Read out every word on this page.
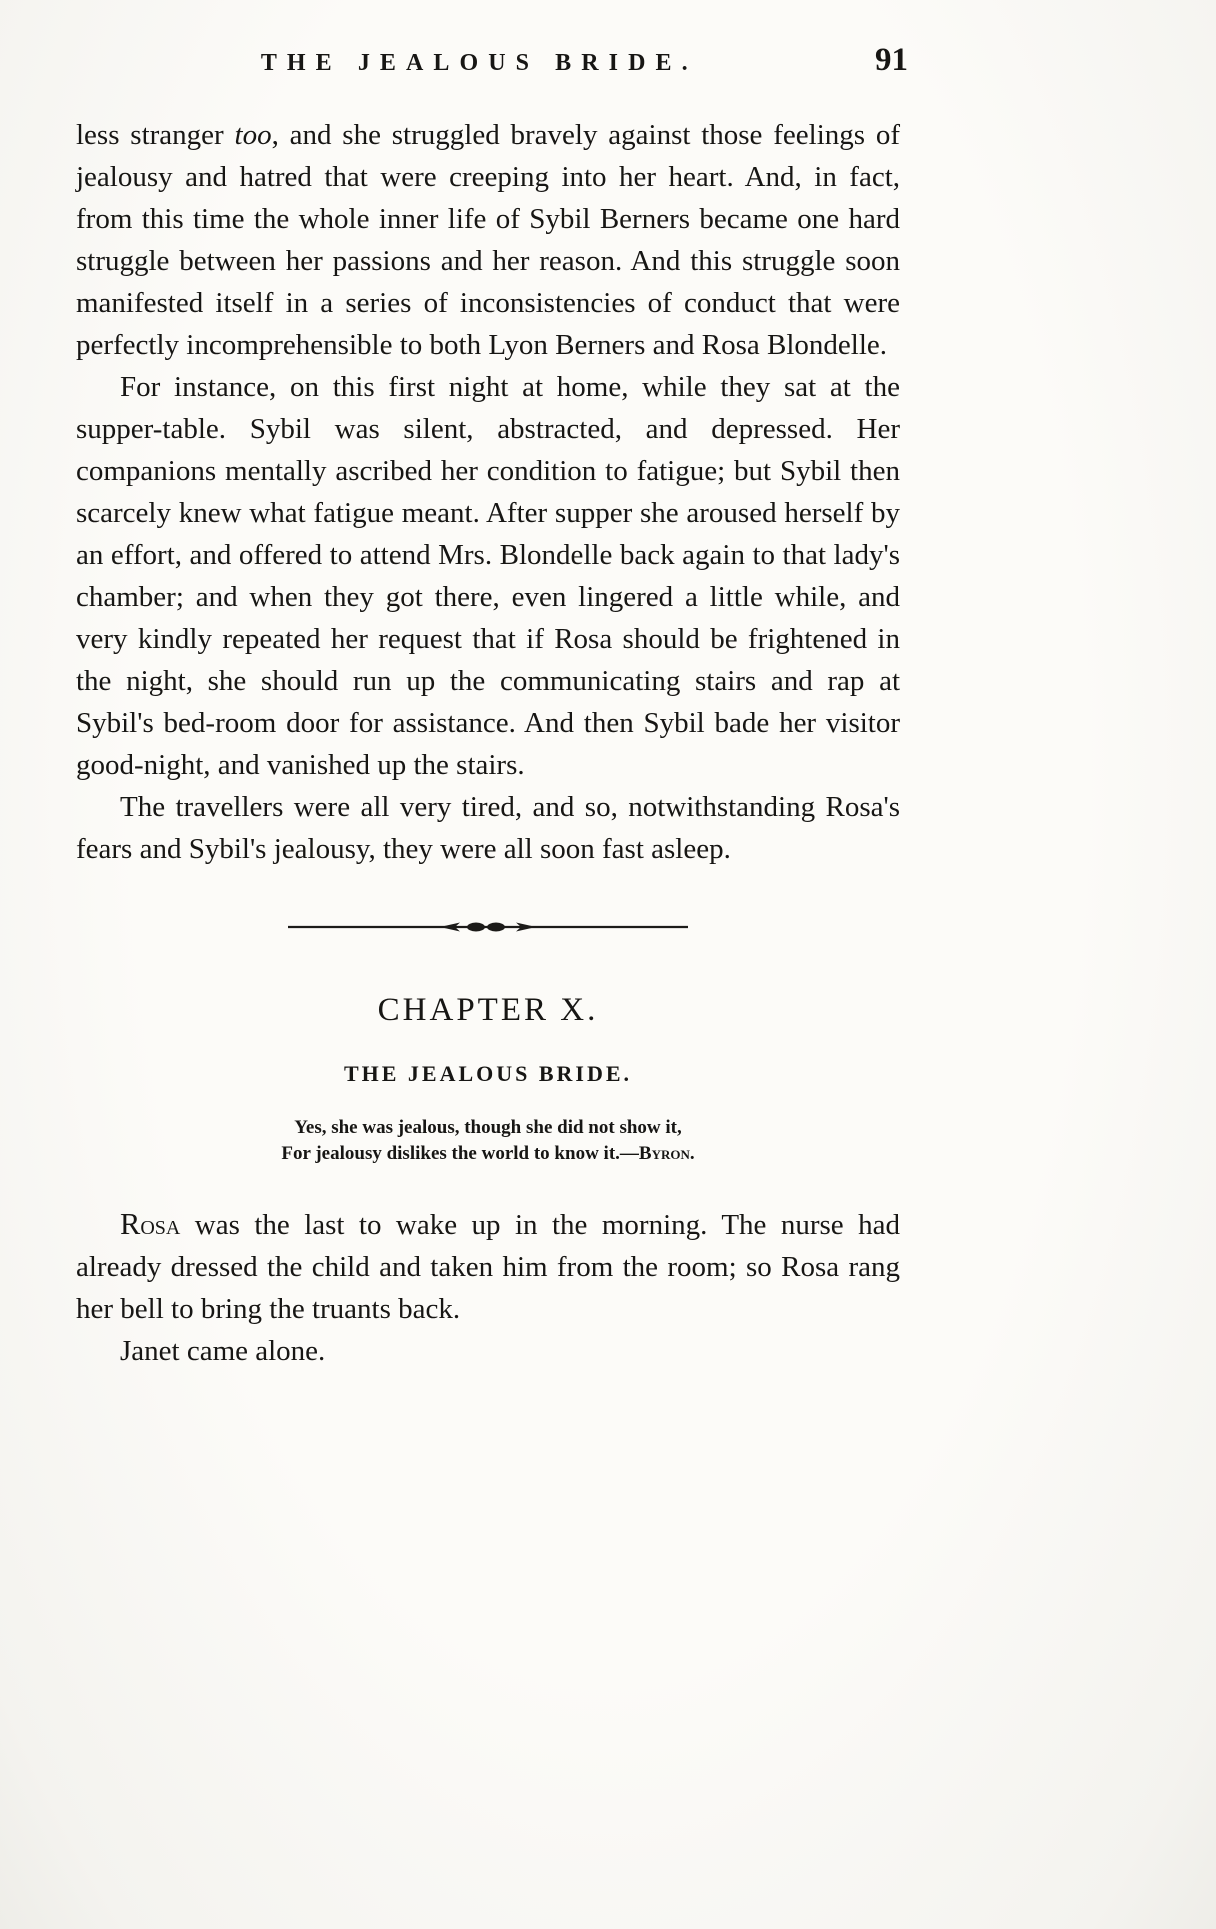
THE JEALOUS BRIDE.	91

less stranger too, and she struggled bravely against those feelings of jealousy and hatred that were creeping into her heart. And, in fact, from this time the whole inner life of Sybil Berners became one hard struggle between her passions and her reason. And this struggle soon manifested itself in a series of inconsistencies of conduct that were perfectly incomprehensible to both Lyon Berners and Rosa Blondelle.

For instance, on this first night at home, while they sat at the supper-table. Sybil was silent, abstracted, and depressed. Her companions mentally ascribed her condition to fatigue; but Sybil then scarcely knew what fatigue meant. After supper she aroused herself by an effort, and offered to attend Mrs. Blondelle back again to that lady's chamber; and when they got there, even lingered a little while, and very kindly repeated her request that if Rosa should be frightened in the night, she should run up the communicating stairs and rap at Sybil's bed-room door for assistance. And then Sybil bade her visitor good-night, and vanished up the stairs.

The travellers were all very tired, and so, notwithstanding Rosa's fears and Sybil's jealousy, they were all soon fast asleep.

CHAPTER X.
THE JEALOUS BRIDE.
Yes, she was jealous, though she did not show it,
For jealousy dislikes the world to know it.—Byron.

Rosa was the last to wake up in the morning. The nurse had already dressed the child and taken him from the room; so Rosa rang her bell to bring the truants back.

Janet came alone.
